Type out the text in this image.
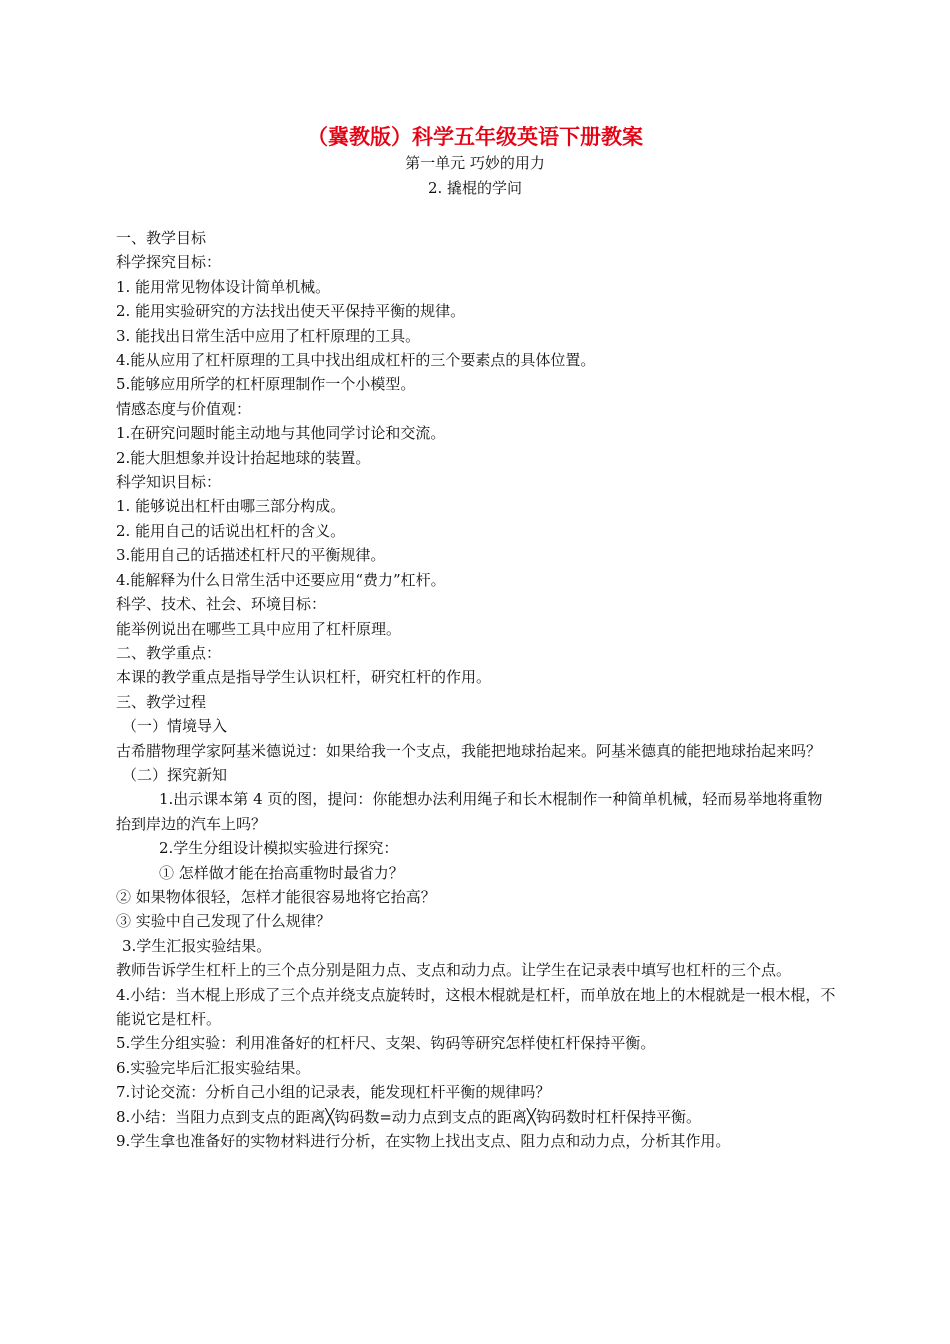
（冀教版）科学五年级英语下册教案
第一单元 巧妙的用力
2. 撬棍的学问
一、教学目标
科学探究目标：
1. 能用常见物体设计简单机械。
2. 能用实验研究的方法找出使天平保持平衡的规律。
3. 能找出日常生活中应用了杠杆原理的工具。
4.能从应用了杠杆原理的工具中找出组成杠杆的三个要素点的具体位置。
5.能够应用所学的杠杆原理制作一个小模型。
情感态度与价值观：
1.在研究问题时能主动地与其他同学讨论和交流。
2.能大胆想象并设计抬起地球的装置。
科学知识目标：
1. 能够说出杠杆由哪三部分构成。
2. 能用自己的话说出杠杆的含义。
3.能用自己的话描述杠杆尺的平衡规律。
4.能解释为什么日常生活中还要应用“费力”杠杆。
科学、技术、社会、环境目标：
能举例说出在哪些工具中应用了杠杆原理。
二、教学重点：
本课的教学重点是指导学生认识杠杆，研究杠杆的作用。
三、教学过程
（一）情境导入
古希腊物理学家阿基米德说过：如果给我一个支点，我能把地球抬起来。阿基米德真的能把地球抬起来吗？
（二）探究新知
1.出示课本第 4 页的图，提问：你能想办法利用绳子和长木棍制作一种简单机械，轻而易举地将重物抬到岸边的汽车上吗？
2.学生分组设计模拟实验进行探究：
① 怎样做才能在抬高重物时最省力？
② 如果物体很轻，怎样才能很容易地将它抬高？
③ 实验中自己发现了什么规律？
3.学生汇报实验结果。
教师告诉学生杠杆上的三个点分别是阻力点、支点和动力点。让学生在记录表中填写也杠杆的三个点。
4.小结：当木棍上形成了三个点并绕支点旋转时，这根木棍就是杠杆，而单放在地上的木棍就是一根木棍，不能说它是杠杆。
5.学生分组实验：利用准备好的杠杆尺、支架、钩码等研究怎样使杠杆保持平衡。
6.实验完毕后汇报实验结果。
7.讨论交流：分析自己小组的记录表，能发现杠杆平衡的规律吗？
8.小结：当阻力点到支点的距离╳钩码数=动力点到支点的距离╳钩码数时杠杆保持平衡。
9.学生拿也准备好的实物材料进行分析，在实物上找出支点、阻力点和动力点，分析其作用。
